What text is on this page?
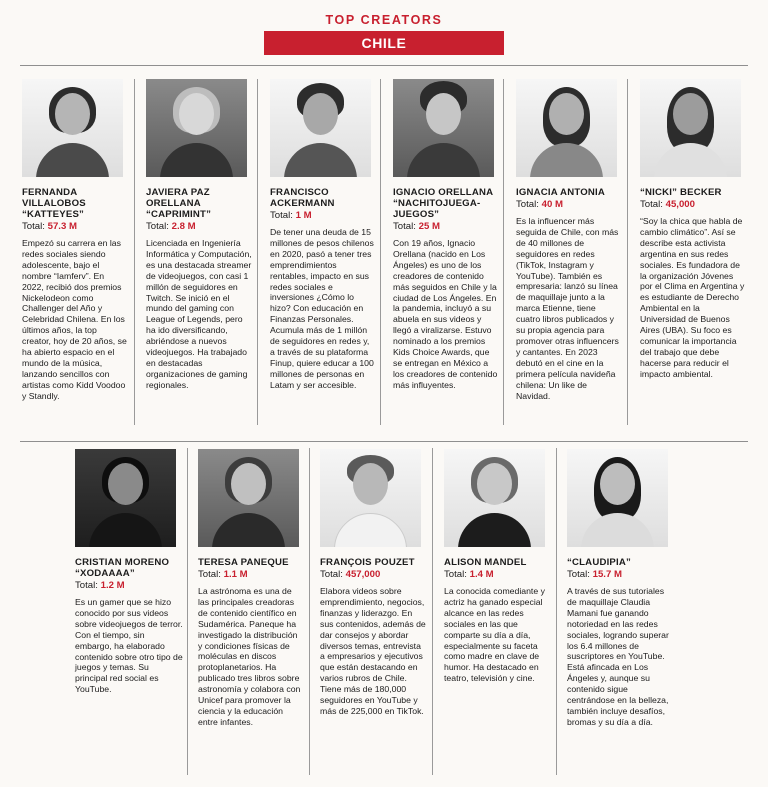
TOP CREATORS
CHILE
FERNANDA VILLALOBOS “KATTEYES”
Total: 57.3 M
Empezó su carrera en las redes sociales siendo adolescente, bajo el nombre “Iamferv”. En 2022, recibió dos premios Nickelodeon como Challenger del Año y Celebridad Chilena. En los últimos años, la top creator, hoy de 20 años, se ha abierto espacio en el mundo de la música, lanzando sencillos con artistas como Kidd Voodoo y Standly.
JAVIERA PAZ ORELLANA “CAPRIMINT”
Total: 2.8 M
Licenciada en Ingeniería Informática y Computación, es una destacada streamer de videojuegos, con casi 1 millón de seguidores en Twitch. Se inició en el mundo del gaming con League of Legends, pero ha ido diversificando, abriéndose a nuevos videojuegos. Ha trabajado en destacadas organizaciones de gaming regionales.
FRANCISCO ACKERMANN
Total: 1 M
De tener una deuda de 15 millones de pesos chilenos en 2020, pasó a tener tres emprendimientos rentables, impacto en sus redes sociales e inversiones ¿Cómo lo hizo? Con educación en Finanzas Personales. Acumula más de 1 millón de seguidores en redes y, a través de su plataforma Finup, quiere educar a 100 millones de personas en Latam y ser accesible.
IGNACIO ORELLANA “NACHITOJUEGA-JUEGOS”
Total: 25 M
Con 19 años, Ignacio Orellana (nacido en Los Ángeles) es uno de los creadores de contenido más seguidos en Chile y la ciudad de Los Ángeles. En la pandemia, incluyó a su abuela en sus videos y llegó a viralizarse. Estuvo nominado a los premios Kids Choice Awards, que se entregan en México a los creadores de contenido más influyentes.
IGNACIA ANTONIA
Total: 40 M
Es la influencer más seguida de Chile, con más de 40 millones de seguidores en redes (TikTok, Instagram y YouTube). También es empresaria: lanzó su línea de maquillaje junto a la marca Etienne, tiene cuatro libros publicados y su propia agencia para promover otras influencers y cantantes. En 2023 debutó en el cine en la primera película navideña chilena: Un like de Navidad.
“NICKI” BECKER
Total: 45,000
“Soy la chica que habla de cambio climático”. Así se describe esta activista argentina en sus redes sociales. Es fundadora de la organización Jóvenes por el Clima en Argentina y es estudiante de Derecho Ambiental en la Universidad de Buenos Aires (UBA). Su foco es comunicar la importancia del trabajo que debe hacerse para reducir el impacto ambiental.
CRISTIAN MORENO “XODAAAA”
Total: 1.2 M
Es un gamer que se hizo conocido por sus videos sobre videojuegos de terror. Con el tiempo, sin embargo, ha elaborado contenido sobre otro tipo de juegos y temas. Su principal red social es YouTube.
TERESA PANEQUE
Total: 1.1 M
La astrónoma es una de las principales creadoras de contenido científico en Sudamérica. Paneque ha investigado la distribución y condiciones físicas de moléculas en discos protoplanetarios. Ha publicado tres libros sobre astronomía y colabora con Unicef para promover la ciencia y la educación entre infantes.
FRANÇOIS POUZET
Total: 457,000
Elabora videos sobre emprendimiento, negocios, finanzas y liderazgo. En sus contenidos, además de dar consejos y abordar diversos temas, entrevista a empresarios y ejecutivos que están destacando en varios rubros de Chile. Tiene más de 180,000 seguidores en YouTube y más de 225,000 en TikTok.
ALISON MANDEL
Total: 1.4 M
La conocida comediante y actriz ha ganado especial alcance en las redes sociales en las que comparte su día a día, especialmente su faceta como madre en clave de humor. Ha destacado en teatro, televisión y cine.
“CLAUDIPIA”
Total: 15.7 M
A través de sus tutoriales de maquillaje Claudia Mamani fue ganando notoriedad en las redes sociales, logrando superar los 6.4 millones de suscriptores en YouTube. Está afincada en Los Ángeles y, aunque su contenido sigue centrándose en la belleza, también incluye desafíos, bromas y su día a día.
